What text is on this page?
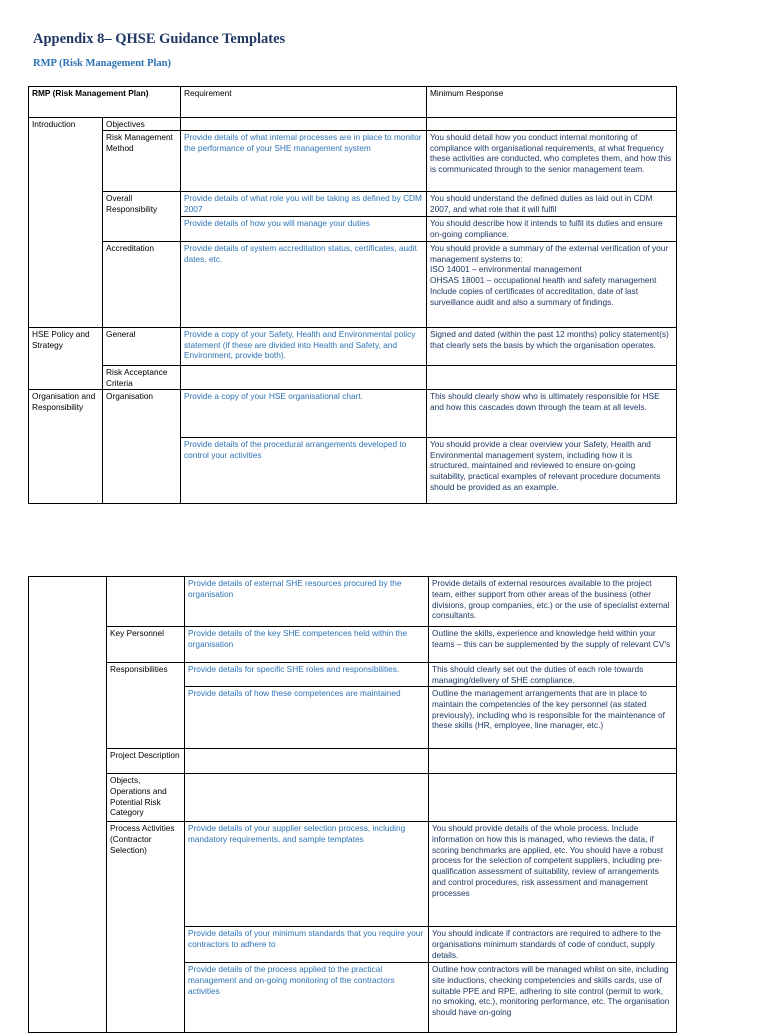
Appendix 8– QHSE Guidance Templates
RMP (Risk Management Plan)
RMP (Risk Management Plan)		Requirement	Minimum Response
Introduction	Objectives		
	Risk Management Method	Provide details of what internal processes are in place to monitor the performance of your SHE management system	You should detail how you conduct internal monitoring of compliance with organisational requirements, at what frequency these activities are conducted, who completes them, and how this is communicated through to the senior management team.
	Overall Responsibility	Provide details of what role you will be taking as defined by CDM 2007	You should understand the defined duties as laid out in CDM 2007, and what role that it will fulfil
		Provide details of how you will manage your duties	You should describe how it intends to fulfil its duties and ensure on-going compliance.
	Accreditation	Provide details of system accreditation status, certificates, audit dates, etc.	You should provide a summary of the external verification of your management systems to:
ISO 14001 – environmental management
OHSAS 18001 – occupational health and safety management
Include copies of certificates of accreditation, date of last surveillance audit and also a summary of findings.

HSE Policy and Strategy	General	Provide a copy of your Safety, Health and Environmental policy statement (if these are divided into Health and Safety, and Environment, provide both).	Signed and dated (within the past 12 months) policy statement(s) that clearly sets the basis by which the organisation operates.
	Risk Acceptance Criteria		
Organisation and Responsibility	Organisation	Provide a copy of your HSE organisational chart.	This should clearly show who is ultimately responsible for HSE and how this cascades down through the team at all levels.
		Provide details of the procedural arrangements developed to control your activities	You should provide a clear overview your Safety, Health and Environmental management system, including how it is structured, maintained and reviewed to ensure on-going suitability, practical examples of relevant procedure documents should be provided as an example.
		Provide details of external SHE resources procured by the organisation	Provide details of external resources available to the project team, either support from other areas of the business (other divisions, group companies, etc.) or the use of specialist external consultants.
	Key Personnel	Provide details of the key SHE competences held within the organisation	Outline the skills, experience and knowledge held within your teams – this can be supplemented by the supply of relevant CV's
	Responsibilities	Provide details for specific SHE roles and responsibilities.	This should clearly set out the duties of each role towards managing/delivery of SHE compliance.
		Provide details of how these competences are maintained	Outline the management arrangements that are in place to maintain the competencies of the key personnel (as stated previously), including who is responsible for the maintenance of these skills (HR, employee, line manager, etc.)
	Project Description		
	Objects, Operations and Potential Risk Category		
	Process Activities (Contractor Selection)	Provide details of your supplier selection process, including mandatory requirements, and sample templates	You should provide details of the whole process. Include information on how this is managed, who reviews the data, if scoring benchmarks are applied, etc. You should have a robust process for the selection of competent suppliers, including pre-qualification assessment of suitability, review of arrangements and control procedures, risk assessment and management processes
		Provide details of your minimum standards that you require your contractors to adhere to	You should indicate if contractors are required to adhere to the organisations minimum standards of code of conduct, supply details.
		Provide details of the process applied to the practical management and on-going monitoring of the contractors activities	Outline how contractors will be managed whilst on site, including site inductions, checking competencies and skills cards, use of suitable PPE and RPE, adhering to site control (permit to work, no smoking, etc.), monitoring performance, etc. The organisation should have on-going
